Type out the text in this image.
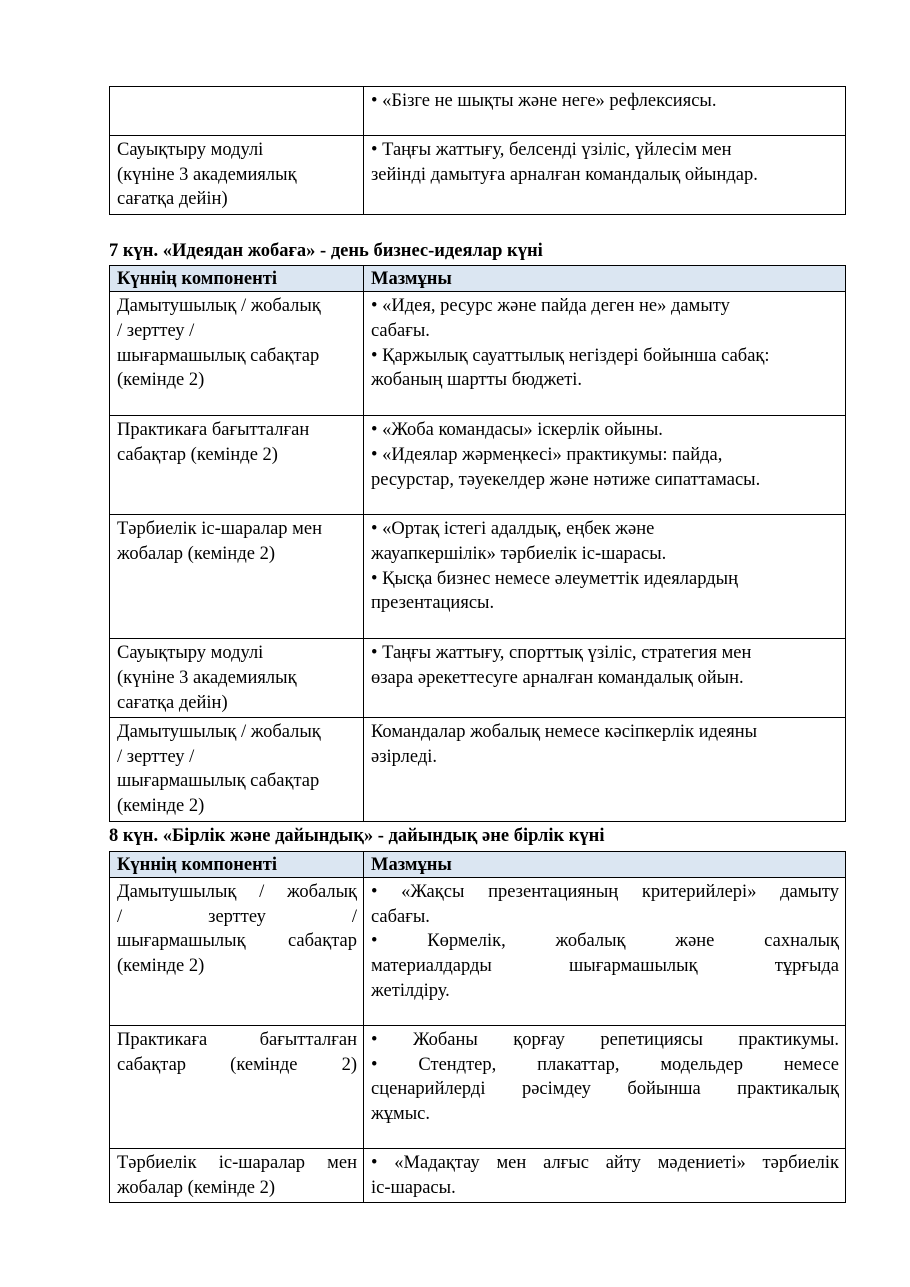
	• «Бізге не шықты және неге» рефлексиясы.

Сауықтыру модулі
(күніне 3 академиялық
сағатқа дейін)	• Таңғы жаттығу, белсенді үзіліс, үйлесім мен
зейінді дамытуға арналған командалық ойындар.
7 күн. «Идеядан жобаға» - день бизнес-идеялар күні
Күннің компоненті	Мазмұны

Дамытушылық / жобалық
/ зерттеу /
шығармашылық сабақтар
(кемінде 2)	• «Идея, ресурс және пайда деген не» дамыту
сабағы.
• Қаржылық сауаттылық негіздері бойынша сабақ:
жобаның шартты бюджеті.

Практикаға бағытталған
сабақтар (кемінде 2)	• «Жоба командасы» іскерлік ойыны.
• «Идеялар жәрмеңкесі» практикумы: пайда,
ресурстар, тәуекелдер және нәтиже сипаттамасы.

Тәрбиелік іс-шаралар мен
жобалар (кемінде 2)	• «Ортақ істегі адалдық, еңбек және
жауапкершілік» тәрбиелік іс-шарасы.
• Қысқа бизнес немесе әлеуметтік идеялардың
презентациясы.

Сауықтыру модулі
(күніне 3 академиялық
сағатқа дейін)	• Таңғы жаттығу, спорттық үзіліс, стратегия мен
өзара әрекеттесуге арналған командалық ойын.

Дамытушылық / жобалық
/ зерттеу /
шығармашылық сабақтар
(кемінде 2)	Командалар жобалық немесе кәсіпкерлік идеяны
әзірледі.
8 күн. «Бірлік және дайындық» - дайындық әне бірлік күні
Күннің компоненті	Мазмұны

Дамытушылық / жобалық
/ зерттеу /
шығармашылық сабақтар
(кемінде 2)	• «Жақсы презентацияның критерийлері» дамыту
сабағы.
• Көрмелік, жобалық және сахналық
материалдарды шығармашылық тұрғыда
жетілдіру.

Практикаға бағытталған
сабақтар (кемінде 2)	• Жобаны қорғау репетициясы практикумы.
• Стендтер, плакаттар, модельдер немесе
сценарийлерді рәсімдеу бойынша практикалық
жұмыс.

Тәрбиелік іс-шаралар мен
жобалар (кемінде 2)	• «Мадақтау мен алғыс айту мәдениеті» тәрбиелік
іс-шарасы.
